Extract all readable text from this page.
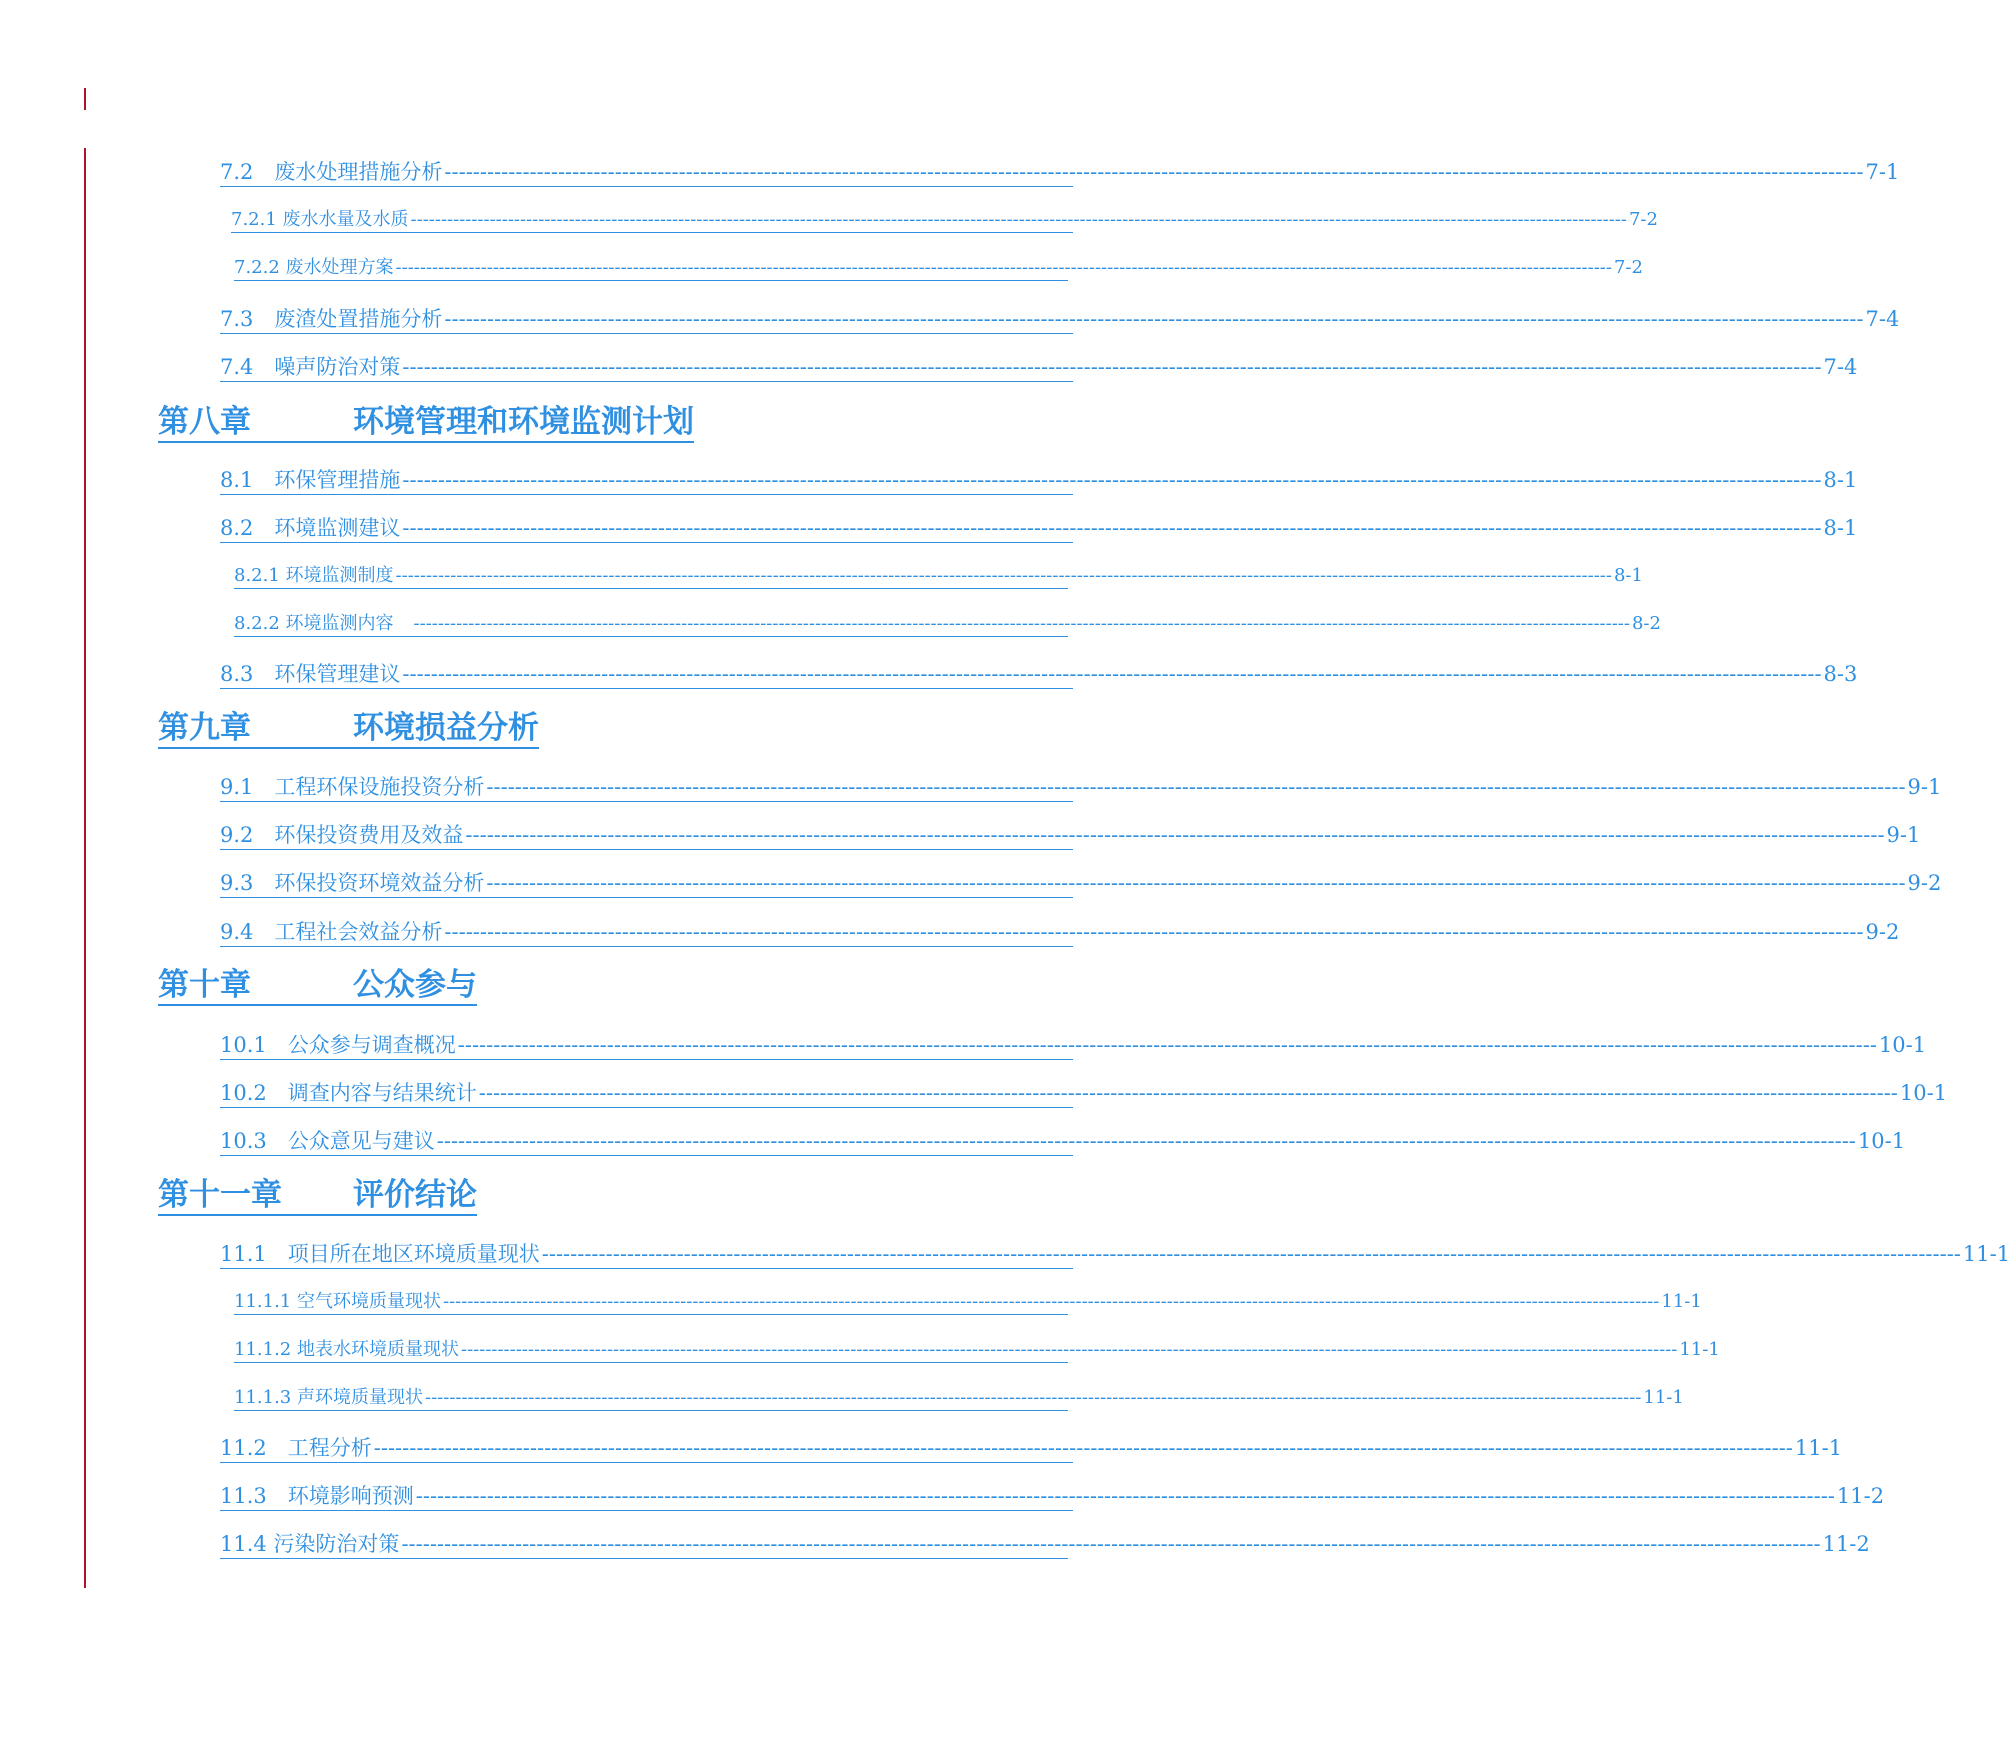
7.2　废水处理措施分析 -------------------------------------------------------------------------------------------------------------------------------------------------------------------------------------------------------- 7-1
7.2.1 废水水量及水质 -------------------------------------------------------------------------------------------------------------------------------------------------------------------------------------------------------- 7-2
7.2.2 废水处理方案 -------------------------------------------------------------------------------------------------------------------------------------------------------------------------------------------------------- 7-2
7.3　废渣处置措施分析 -------------------------------------------------------------------------------------------------------------------------------------------------------------------------------------------------------- 7-4
7.4　噪声防治对策 -------------------------------------------------------------------------------------------------------------------------------------------------------------------------------------------------------- 7-4
第八章	环境管理和环境监测计划
8.1　环保管理措施 -------------------------------------------------------------------------------------------------------------------------------------------------------------------------------------------------------- 8-1
8.2　环境监测建议 -------------------------------------------------------------------------------------------------------------------------------------------------------------------------------------------------------- 8-1
8.2.1 环境监测制度 -------------------------------------------------------------------------------------------------------------------------------------------------------------------------------------------------------- 8-1
8.2.2 环境监测内容　 -------------------------------------------------------------------------------------------------------------------------------------------------------------------------------------------------------- 8-2
8.3　环保管理建议 -------------------------------------------------------------------------------------------------------------------------------------------------------------------------------------------------------- 8-3
第九章	环境损益分析
9.1　工程环保设施投资分析 -------------------------------------------------------------------------------------------------------------------------------------------------------------------------------------------------------- 9-1
9.2　环保投资费用及效益 -------------------------------------------------------------------------------------------------------------------------------------------------------------------------------------------------------- 9-1
9.3　环保投资环境效益分析 -------------------------------------------------------------------------------------------------------------------------------------------------------------------------------------------------------- 9-2
9.4　工程社会效益分析 -------------------------------------------------------------------------------------------------------------------------------------------------------------------------------------------------------- 9-2
第十章	公众参与
10.1　公众参与调查概况 -------------------------------------------------------------------------------------------------------------------------------------------------------------------------------------------------------- 10-1
10.2　调查内容与结果统计 -------------------------------------------------------------------------------------------------------------------------------------------------------------------------------------------------------- 10-1
10.3　公众意见与建议 -------------------------------------------------------------------------------------------------------------------------------------------------------------------------------------------------------- 10-1
第十一章 评价结论
11.1　项目所在地区环境质量现状 -------------------------------------------------------------------------------------------------------------------------------------------------------------------------------------------------------- 11-1
11.1.1 空气环境质量现状 -------------------------------------------------------------------------------------------------------------------------------------------------------------------------------------------------------- 11-1
11.1.2 地表水环境质量现状 -------------------------------------------------------------------------------------------------------------------------------------------------------------------------------------------------------- 11-1
11.1.3 声环境质量现状 -------------------------------------------------------------------------------------------------------------------------------------------------------------------------------------------------------- 11-1
11.2　工程分析 -------------------------------------------------------------------------------------------------------------------------------------------------------------------------------------------------------- 11-1
11.3　环境影响预测 -------------------------------------------------------------------------------------------------------------------------------------------------------------------------------------------------------- 11-2
11.4 污染防治对策 -------------------------------------------------------------------------------------------------------------------------------------------------------------------------------------------------------- 11-2
